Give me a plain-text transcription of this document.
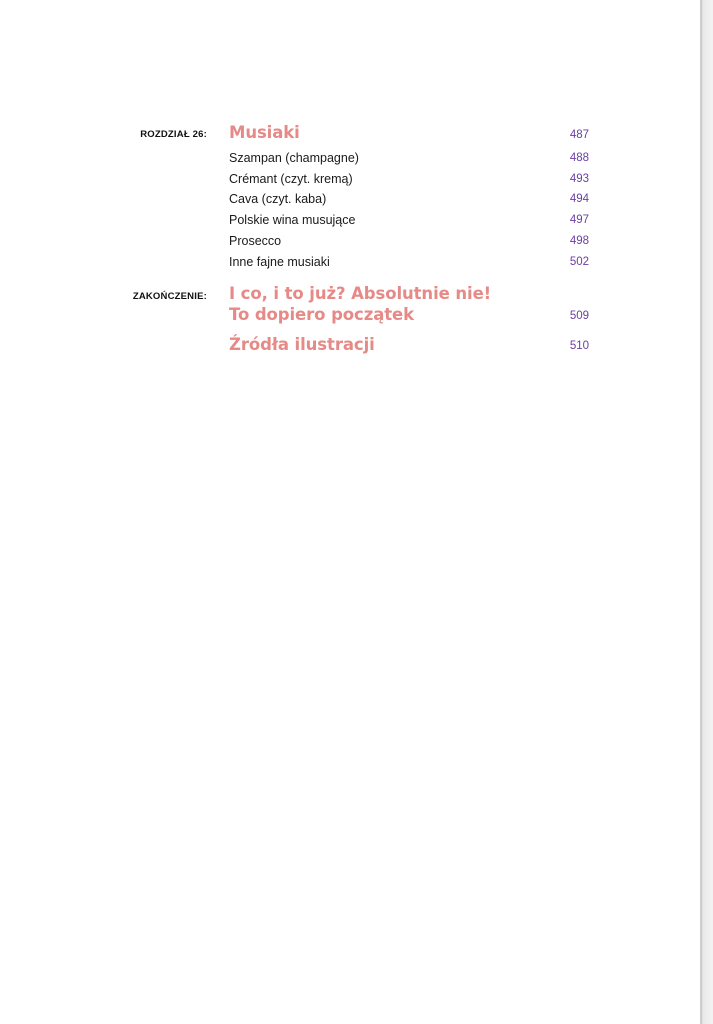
ROZDZIAŁ 26: Musiaki	487
Szampan (champagne)	488
Crémant (czyt. kremą)	493
Cava (czyt. kaba)	494
Polskie wina musujące	497
Prosecco	498
Inne fajne musiaki	502
ZAKOŃCZENIE: I co, i to już? Absolutnie nie!
To dopiero początek	509
Źródła ilustracji	510
